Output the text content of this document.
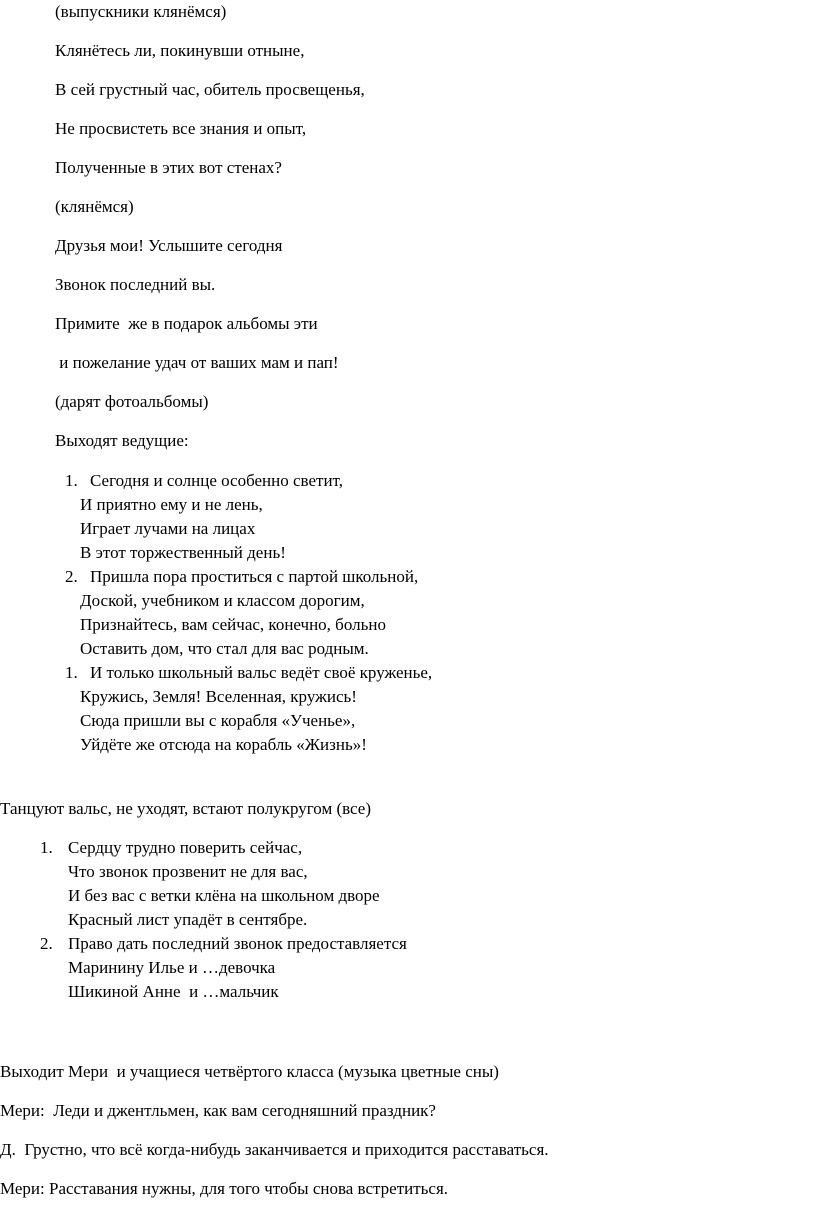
(выпускники клянёмся)
Клянётесь ли, покинувши отныне,
В сей грустный час, обитель просвещенья,
Не просвистеть все знания и опыт,
Полученные в этих вот стенах?
(клянёмся)
Друзья мои! Услышите сегодня
Звонок последний вы.
Примите  же в подарок альбомы эти
и пожелание удач от ваших мам и пап!
(дарят фотоальбомы)
Выходят ведущие:
1. Сегодня и солнце особенно светит,
И приятно ему и не лень,
Играет лучами на лицах
В этот торжественный день!
2. Пришла пора проститься с партой школьной,
Доской, учебником и классом дорогим,
Признайтесь, вам сейчас, конечно, больно
Оставить дом, что стал для вас родным.
1. И только школьный вальс ведёт своё круженье,
Кружись, Земля! Вселенная, кружись!
Сюда пришли вы с корабля «Ученье»,
Уйдёте же отсюда на корабль «Жизнь»!
Танцуют вальс, не уходят, встают полукругом (все)
1. Сердцу трудно поверить сейчас,
Что звонок прозвенит не для вас,
И без вас с ветки клёна на школьном дворе
Красный лист упадёт в сентябре.
2. Право дать последний звонок предоставляется
Маринину Илье и …девочка
Шикиной Анне  и …мальчик
Выходит Мери  и учащиеся четвёртого класса (музыка цветные сны)
Мери:  Леди и джентльмен, как вам сегодняшний праздник?
Д.  Грустно, что всё когда-нибудь заканчивается и приходится расставаться.
Мери: Расставания нужны, для того чтобы снова встретиться.
